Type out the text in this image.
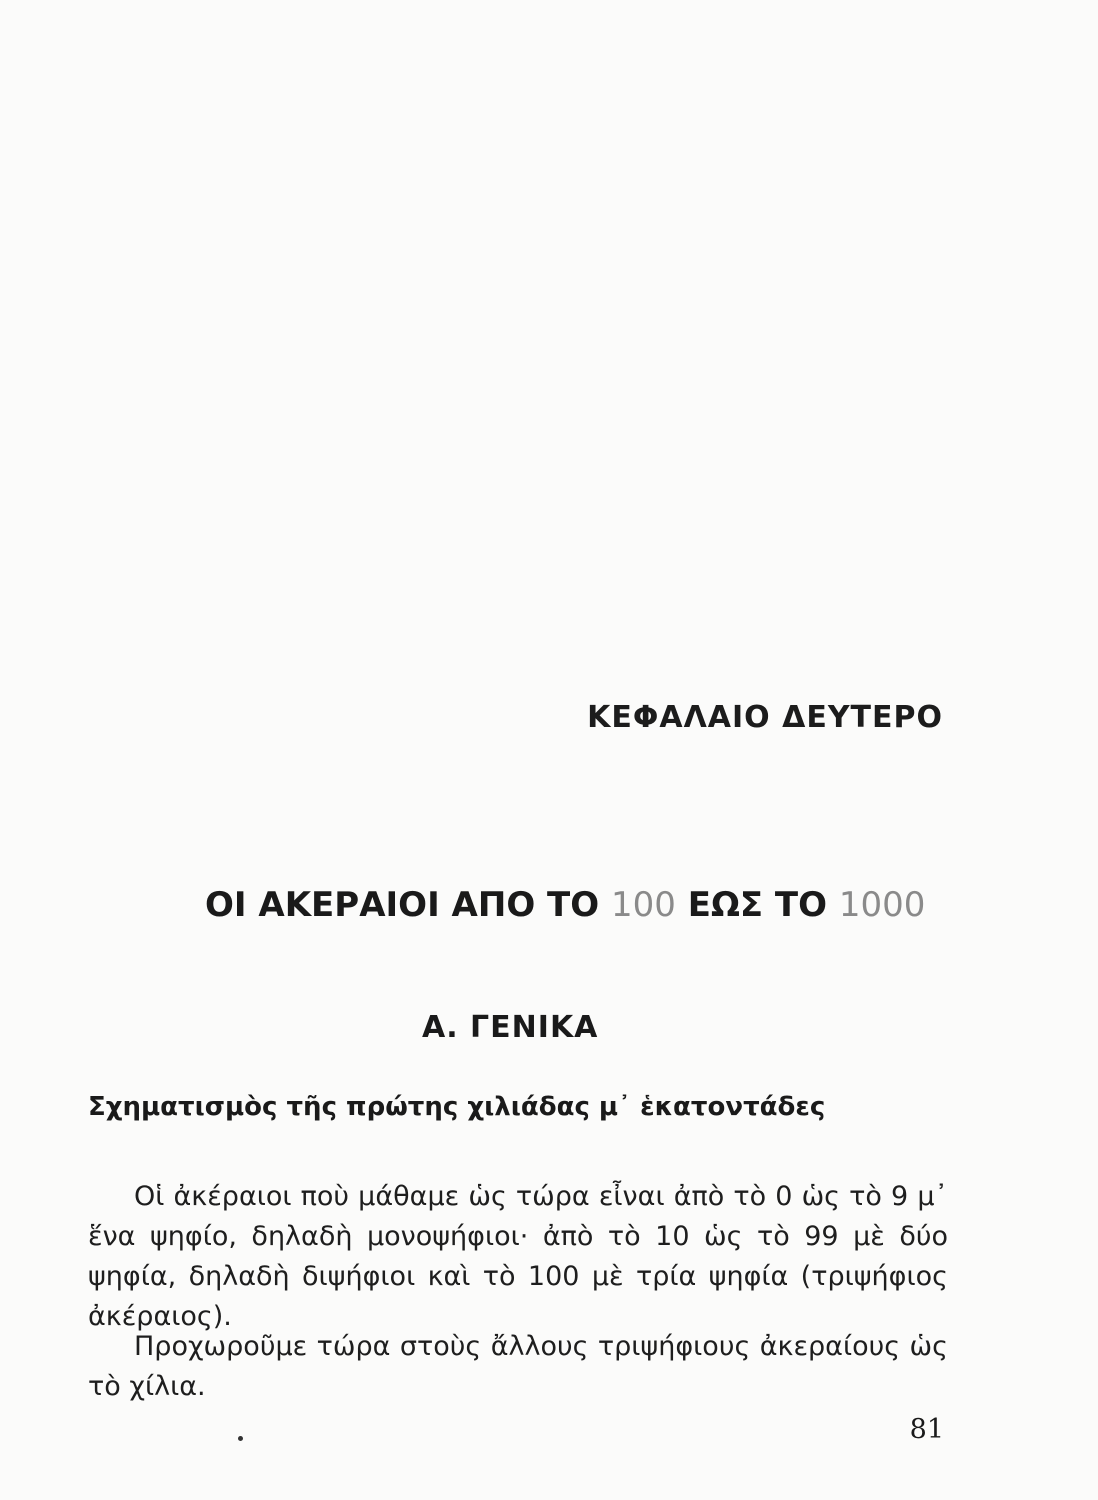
ΚΕΦΑΛΑΙΟ ΔΕΥΤΕΡΟ
ΟΙ ΑΚΕΡΑΙΟΙ ΑΠΟ ΤΟ 100 ΕΩΣ ΤΟ 1000
Α. ΓΕΝΙΚΑ
Σχηματισμὸς τῆς πρώτης χιλιάδας μ᾽ ἑκατοντάδες

Οἱ ἀκέραιοι ποὺ μάθαμε ὡς τώρα εἶναι ἀπὸ τὸ 0 ὡς τὸ 9 μ᾽ ἕνα ψηφίο, δηλαδὴ μονοψήφιοι· ἀπὸ τὸ 10 ὡς τὸ 99 μὲ δύο ψηφία, δηλαδὴ διψήφιοι καὶ τὸ 100 μὲ τρία ψηφία (τριψήφιος ἀκέραιος).

Προχωροῦμε τώρα στοὺς ἄλλους τριψήφιους ἀκεραίους ὡς τὸ χίλια.

81
